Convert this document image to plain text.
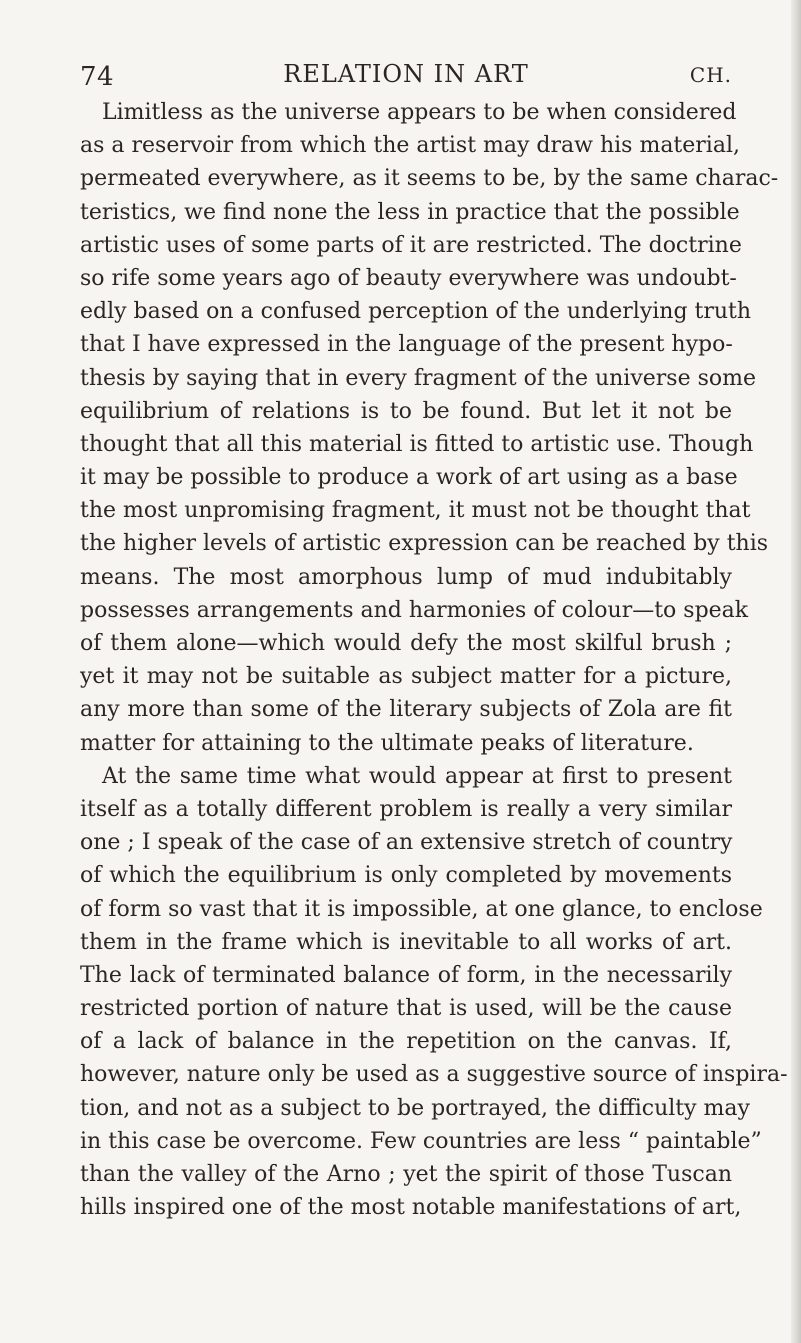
74	RELATION IN ART	CH.
Limitless as the universe appears to be when considered
as a reservoir from which the artist may draw his material,
permeated everywhere, as it seems to be, by the same charac-
teristics, we find none the less in practice that the possible
artistic uses of some parts of it are restricted. The doctrine
so rife some years ago of beauty everywhere was undoubt-
edly based on a confused perception of the underlying truth
that I have expressed in the language of the present hypo-
thesis by saying that in every fragment of the universe some
equilibrium of relations is to be found. But let it not be
thought that all this material is fitted to artistic use. Though
it may be possible to produce a work of art using as a base
the most unpromising fragment, it must not be thought that
the higher levels of artistic expression can be reached by this
means. The most amorphous lump of mud indubitably
possesses arrangements and harmonies of colour—to speak
of them alone—which would defy the most skilful brush ;
yet it may not be suitable as subject matter for a picture,
any more than some of the literary subjects of Zola are fit
matter for attaining to the ultimate peaks of literature.
At the same time what would appear at first to present
itself as a totally different problem is really a very similar
one ; I speak of the case of an extensive stretch of country
of which the equilibrium is only completed by movements
of form so vast that it is impossible, at one glance, to enclose
them in the frame which is inevitable to all works of art.
The lack of terminated balance of form, in the necessarily
restricted portion of nature that is used, will be the cause
of a lack of balance in the repetition on the canvas. If,
however, nature only be used as a suggestive source of inspira-
tion, and not as a subject to be portrayed, the difficulty may
in this case be overcome. Few countries are less “ paintable”
than the valley of the Arno ; yet the spirit of those Tuscan
hills inspired one of the most notable manifestations of art,
